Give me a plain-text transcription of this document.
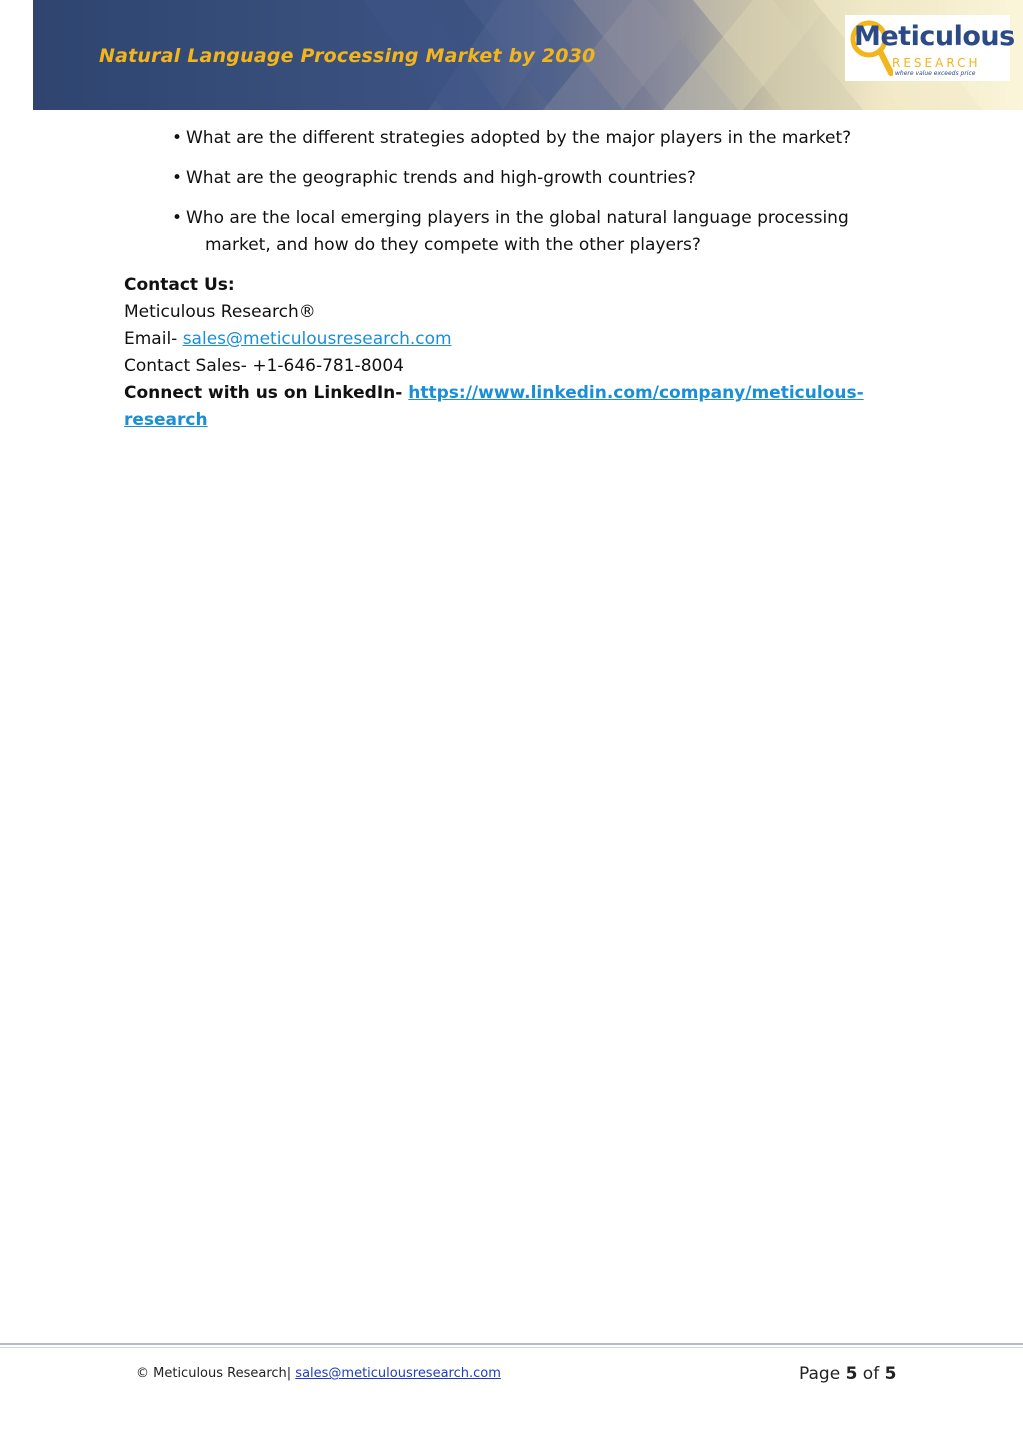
Natural Language Processing Market by 2030
Meticulous
RESEARCH
where value exceeds price
• What are the different strategies adopted by the major players in the market?
• What are the geographic trends and high-growth countries?
• Who are the local emerging players in the global natural language processing
market, and how do they compete with the other players?
Contact Us:
Meticulous Research®
Email- sales@meticulousresearch.com
Contact Sales- +1-646-781-8004
Connect with us on LinkedIn- https://www.linkedin.com/company/meticulous-
research
© Meticulous Research| sales@meticulousresearch.com	Page 5 of 5
